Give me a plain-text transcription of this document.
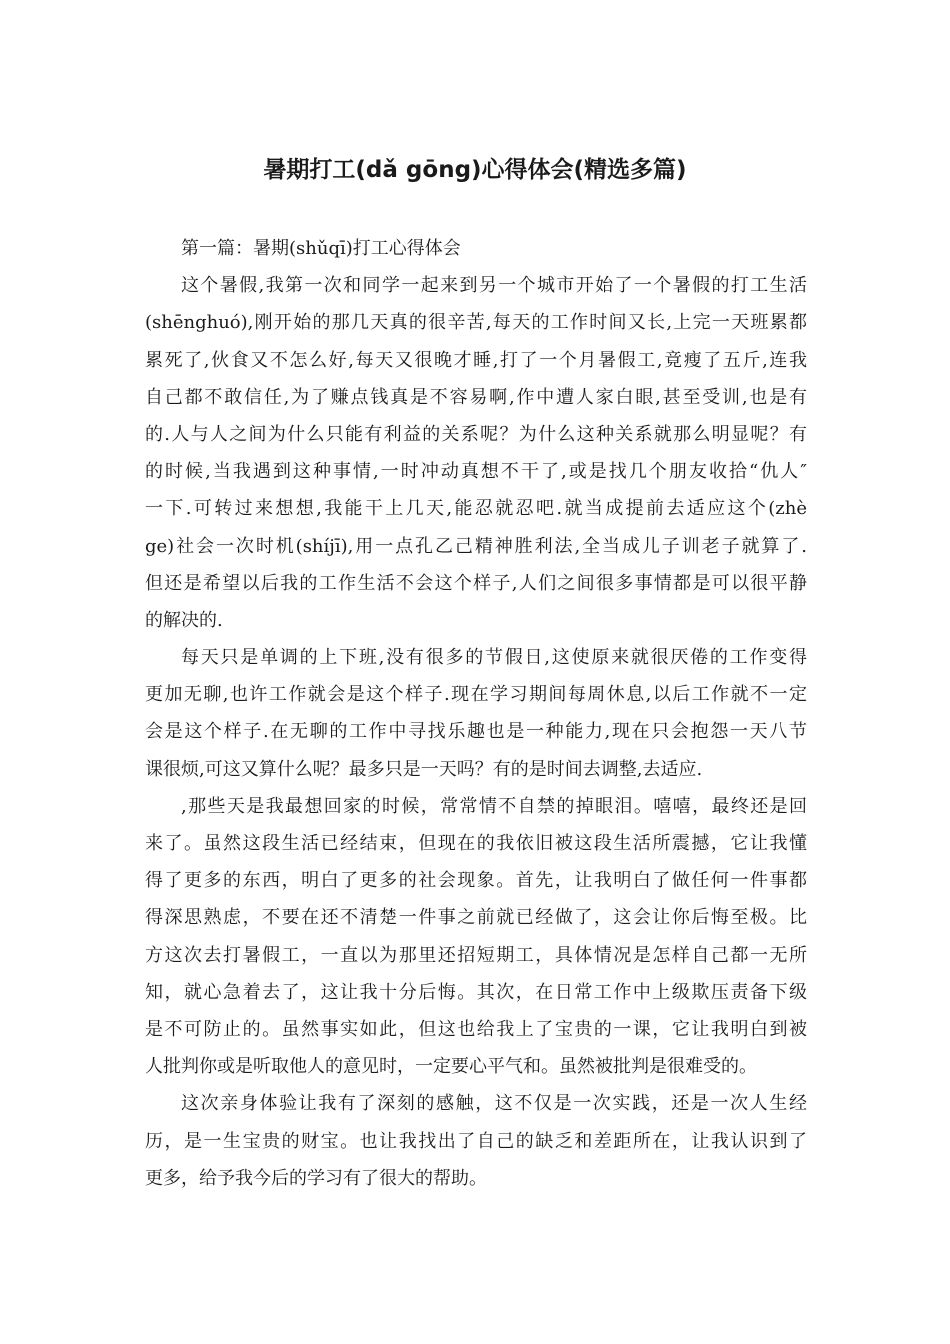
暑期打工(dǎ gōng)心得体会(精选多篇)
第一篇：暑期(shǔqī)打工心得体会
这个暑假,我第一次和同学一起来到另一个城市开始了一个暑假的打工生活
(shēnghuó),刚开始的那几天真的很辛苦,每天的工作时间又长,上完一天班累都
累死了,伙食又不怎么好,每天又很晚才睡,打了一个月暑假工,竟瘦了五斤,连我
自己都不敢信任,为了赚点钱真是不容易啊,作中遭人家白眼,甚至受训,也是有
的.人与人之间为什么只能有利益的关系呢？为什么这种关系就那么明显呢？有
的时候,当我遇到这种事情,一时冲动真想不干了,或是找几个朋友收拾“仇人″
一下.可转过来想想,我能干上几天,能忍就忍吧.就当成提前去适应这个(zhè
ge)社会一次时机(shíjī),用一点孔乙己精神胜利法,全当成儿子训老子就算了.
但还是希望以后我的工作生活不会这个样子,人们之间很多事情都是可以很平静
的解决的.
每天只是单调的上下班,没有很多的节假日,这使原来就很厌倦的工作变得
更加无聊,也许工作就会是这个样子.现在学习期间每周休息,以后工作就不一定
会是这个样子.在无聊的工作中寻找乐趣也是一种能力,现在只会抱怨一天八节
课很烦,可这又算什么呢？最多只是一天吗？有的是时间去调整,去适应.
,那些天是我最想回家的时候，常常情不自禁的掉眼泪。嘻嘻，最终还是回
来了。虽然这段生活已经结束，但现在的我依旧被这段生活所震撼，它让我懂
得了更多的东西，明白了更多的社会现象。首先，让我明白了做任何一件事都
得深思熟虑，不要在还不清楚一件事之前就已经做了，这会让你后悔至极。比
方这次去打暑假工，一直以为那里还招短期工，具体情况是怎样自己都一无所
知，就心急着去了，这让我十分后悔。其次，在日常工作中上级欺压责备下级
是不可防止的。虽然事实如此，但这也给我上了宝贵的一课，它让我明白到被
人批判你或是听取他人的意见时，一定要心平气和。虽然被批判是很难受的。
这次亲身体验让我有了深刻的感触，这不仅是一次实践，还是一次人生经
历，是一生宝贵的财宝。也让我找出了自己的缺乏和差距所在，让我认识到了
更多，给予我今后的学习有了很大的帮助。
